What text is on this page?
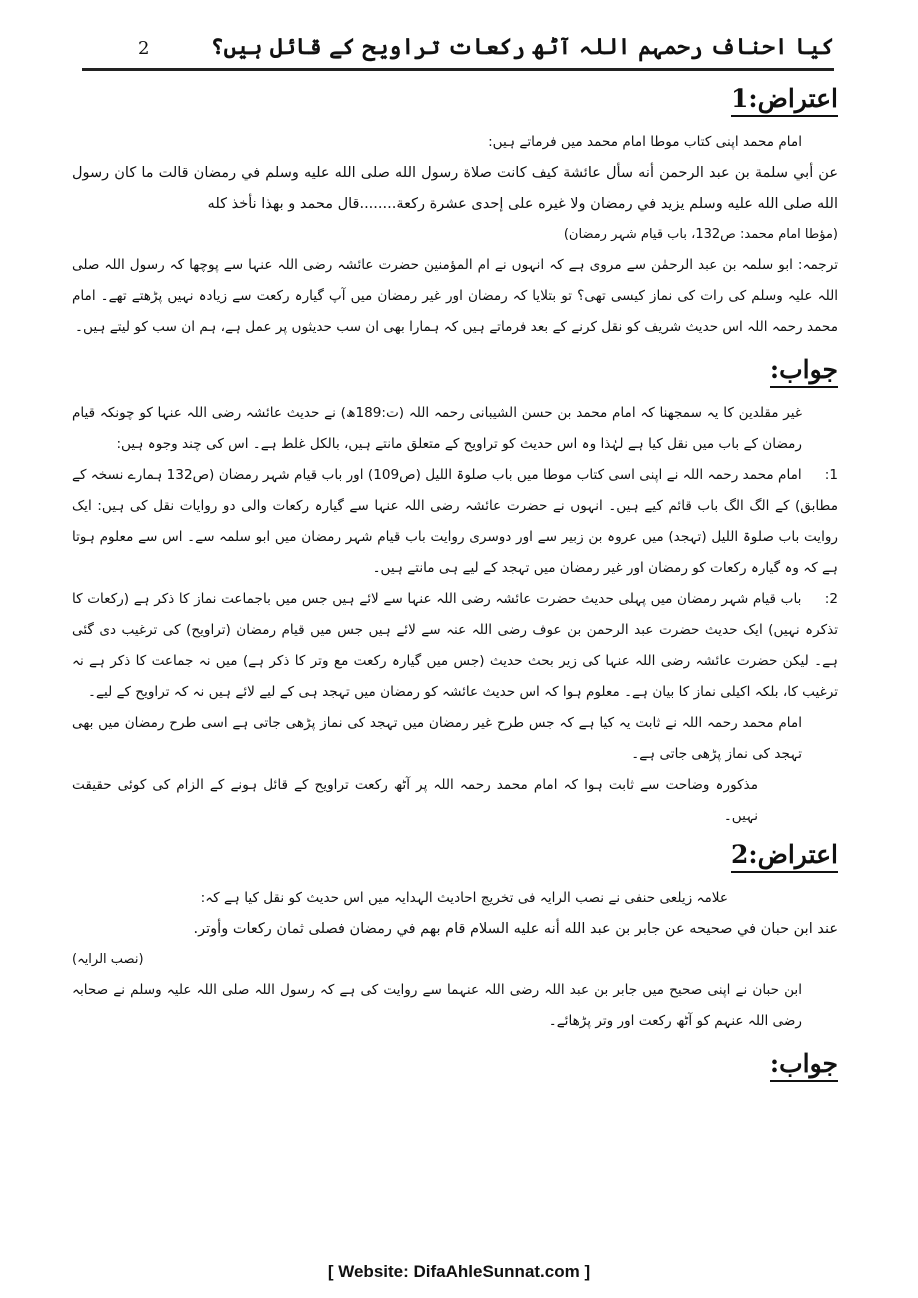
کیا احناف رحمہم اللہ آٹھ رکعات تراویح کے قائل ہیں؟
2
اعتراض:1

امام محمد اپنی کتاب موطا امام محمد میں فرماتے ہیں:

عن أبي سلمة بن عبد الرحمن أنه سأل عائشة كيف كانت صلاة رسول الله صلى الله عليه وسلم في رمضان قالت ما كان رسول الله صلى الله عليه وسلم يزيد في رمضان ولا غيره على إحدى عشرة ركعة........قال محمد و بهذا نأخذ كله

(مؤطا امام محمد: ص132، باب قیام شہر رمضان)

ترجمہ: ابو سلمہ بن عبد الرحمٰن سے مروی ہے کہ انہوں نے ام المؤمنین حضرت عائشہ رضی اللہ عنہا سے پوچھا کہ رسول اللہ صلی اللہ علیہ وسلم کی رات کی نماز کیسی تھی؟ تو بتلایا کہ رمضان اور غیر رمضان میں آپ گیارہ رکعت سے زیادہ نہیں پڑھتے تھے۔ امام محمد رحمہ اللہ اس حدیث شریف کو نقل کرنے کے بعد فرماتے ہیں کہ ہمارا بھی ان سب حدیثوں پر عمل ہے، ہم ان سب کو لیتے ہیں۔

جواب:

غیر مقلدین کا یہ سمجھنا کہ امام محمد بن حسن الشیبانی رحمہ اللہ (ت:189ھ) نے حدیث عائشہ رضی اللہ عنہا کو چونکہ قیام رمضان کے باب میں نقل کیا ہے لہٰذا وہ اس حدیث کو تراویح کے متعلق مانتے ہیں، بالکل غلط ہے۔ اس کی چند وجوہ ہیں:

1: امام محمد رحمہ اللہ نے اپنی اسی کتاب موطا میں باب صلوۃ اللیل (ص109) اور باب قیام شہر رمضان (ص132 ہمارے نسخہ کے مطابق) کے الگ الگ باب قائم کیے ہیں۔ انہوں نے حضرت عائشہ رضی اللہ عنہا سے گیارہ رکعات والی دو روایات نقل کی ہیں: ایک روایت باب صلوۃ اللیل (تہجد) میں عروہ بن زبیر سے اور دوسری روایت باب قیام شہر رمضان میں ابو سلمہ سے۔ اس سے معلوم ہوتا ہے کہ وہ گیارہ رکعات کو رمضان اور غیر رمضان میں تہجد کے لیے ہی مانتے ہیں۔

2: باب قیام شہر رمضان میں پہلی حدیث حضرت عائشہ رضی اللہ عنہا سے لائے ہیں جس میں باجماعت نماز کا ذکر ہے (رکعات کا تذکرہ نہیں) ایک حدیث حضرت عبد الرحمن بن عوف رضی اللہ عنہ سے لائے ہیں جس میں قیام رمضان (تراویح) کی ترغیب دی گئی ہے۔ لیکن حضرت عائشہ رضی اللہ عنہا کی زیر بحث حدیث (جس میں گیارہ رکعت مع وتر کا ذکر ہے) میں نہ جماعت کا ذکر ہے نہ ترغیب کا، بلکہ اکیلی نماز کا بیان ہے۔ معلوم ہوا کہ اس حدیث عائشہ کو رمضان میں تہجد ہی کے لیے لائے ہیں نہ کہ تراویح کے لیے۔

امام محمد رحمہ اللہ نے ثابت یہ کیا ہے کہ جس طرح غیر رمضان میں تہجد کی نماز پڑھی جاتی ہے اسی طرح رمضان میں بھی تہجد کی نماز پڑھی جاتی ہے۔

مذکورہ وضاحت سے ثابت ہوا کہ امام محمد رحمہ اللہ پر آٹھ رکعت تراویح کے قائل ہونے کے الزام کی کوئی حقیقت نہیں۔

اعتراض:2

علامہ زیلعی حنفی نے نصب الرایہ فی تخریج احادیث الہدایہ میں اس حدیث کو نقل کیا ہے کہ:

عند ابن حبان في صحيحه عن جابر بن عبد الله أنه عليه السلام قام بهم في رمضان فصلى ثمان ركعات وأوتر.

(نصب الرایہ)

ابن حبان نے اپنی صحیح میں جابر بن عبد اللہ رضی اللہ عنہما سے روایت کی ہے کہ رسول اللہ صلی اللہ علیہ وسلم نے صحابہ رضی اللہ عنہم کو آٹھ رکعت اور وتر پڑھائے۔

جواب:
[ Website: DifaAhleSunnat.com ]
